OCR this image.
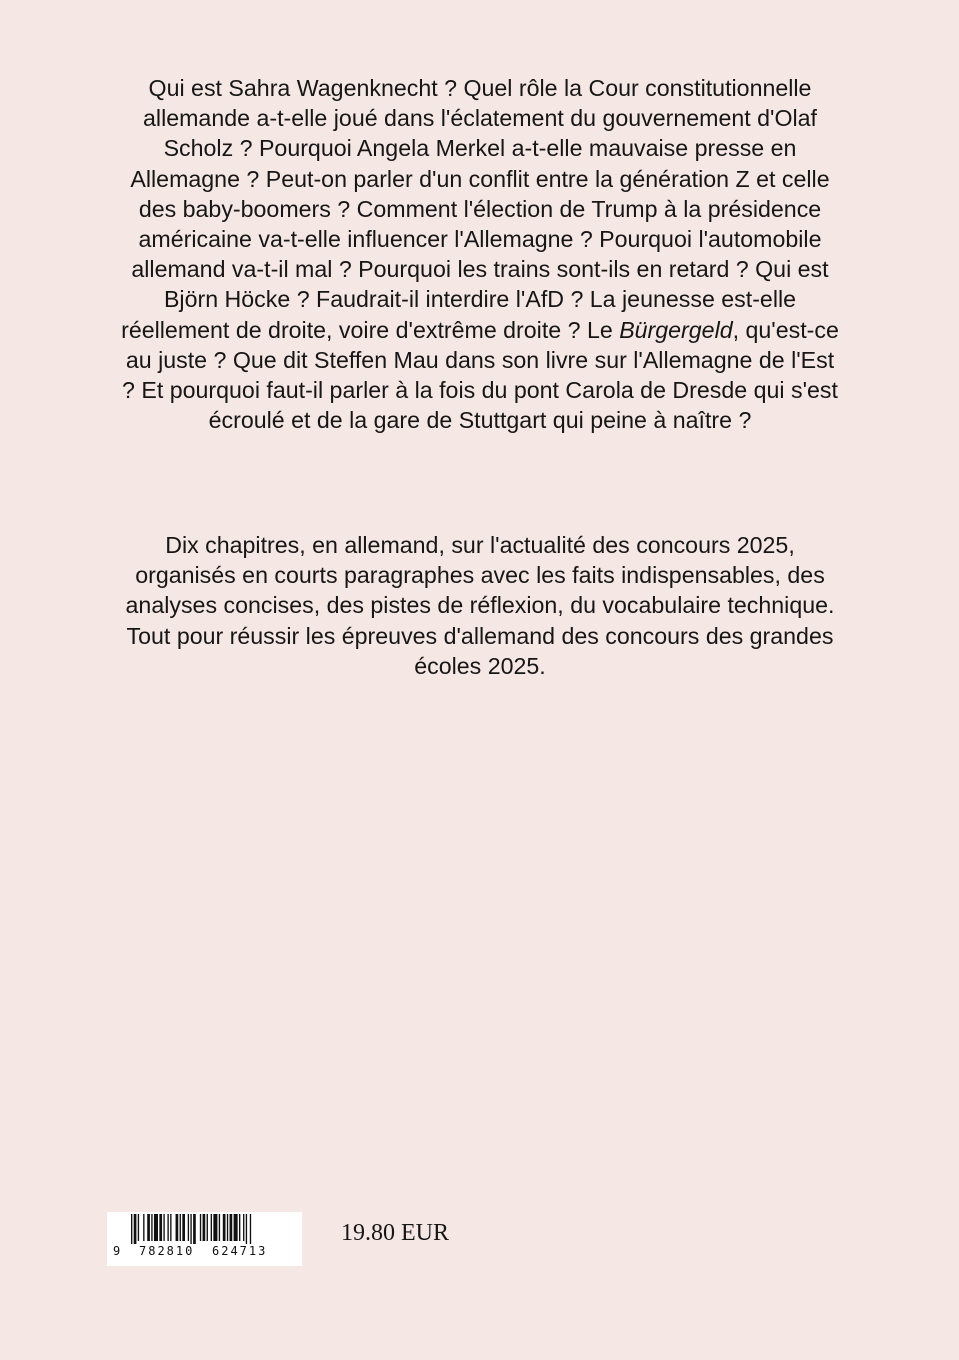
Qui est Sahra Wagenknecht ? Quel rôle la Cour constitutionnelle allemande a-t-elle joué dans l'éclatement du gouvernement d'Olaf Scholz ? Pourquoi Angela Merkel a-t-elle mauvaise presse en Allemagne ? Peut-on parler d'un conflit entre la génération Z et celle des baby-boomers ? Comment l'élection de Trump à la présidence américaine va-t-elle influencer l'Allemagne ? Pourquoi l'automobile allemand va-t-il mal ? Pourquoi les trains sont-ils en retard ? Qui est Björn Höcke ? Faudrait-il interdire l'AfD ? La jeunesse est-elle réellement de droite, voire d'extrême droite ? Le Bürgergeld, qu'est-ce au juste ? Que dit Steffen Mau dans son livre sur l'Allemagne de l'Est ? Et pourquoi faut-il parler à la fois du pont Carola de Dresde qui s'est écroulé et de la gare de Stuttgart qui peine à naître ?

Dix chapitres, en allemand, sur l'actualité des concours 2025, organisés en courts paragraphes avec les faits indispensables, des analyses concises, des pistes de réflexion, du vocabulaire technique. Tout pour réussir les épreuves d'allemand des concours des grandes écoles 2025.

9 782810 624713
19.80 EUR
